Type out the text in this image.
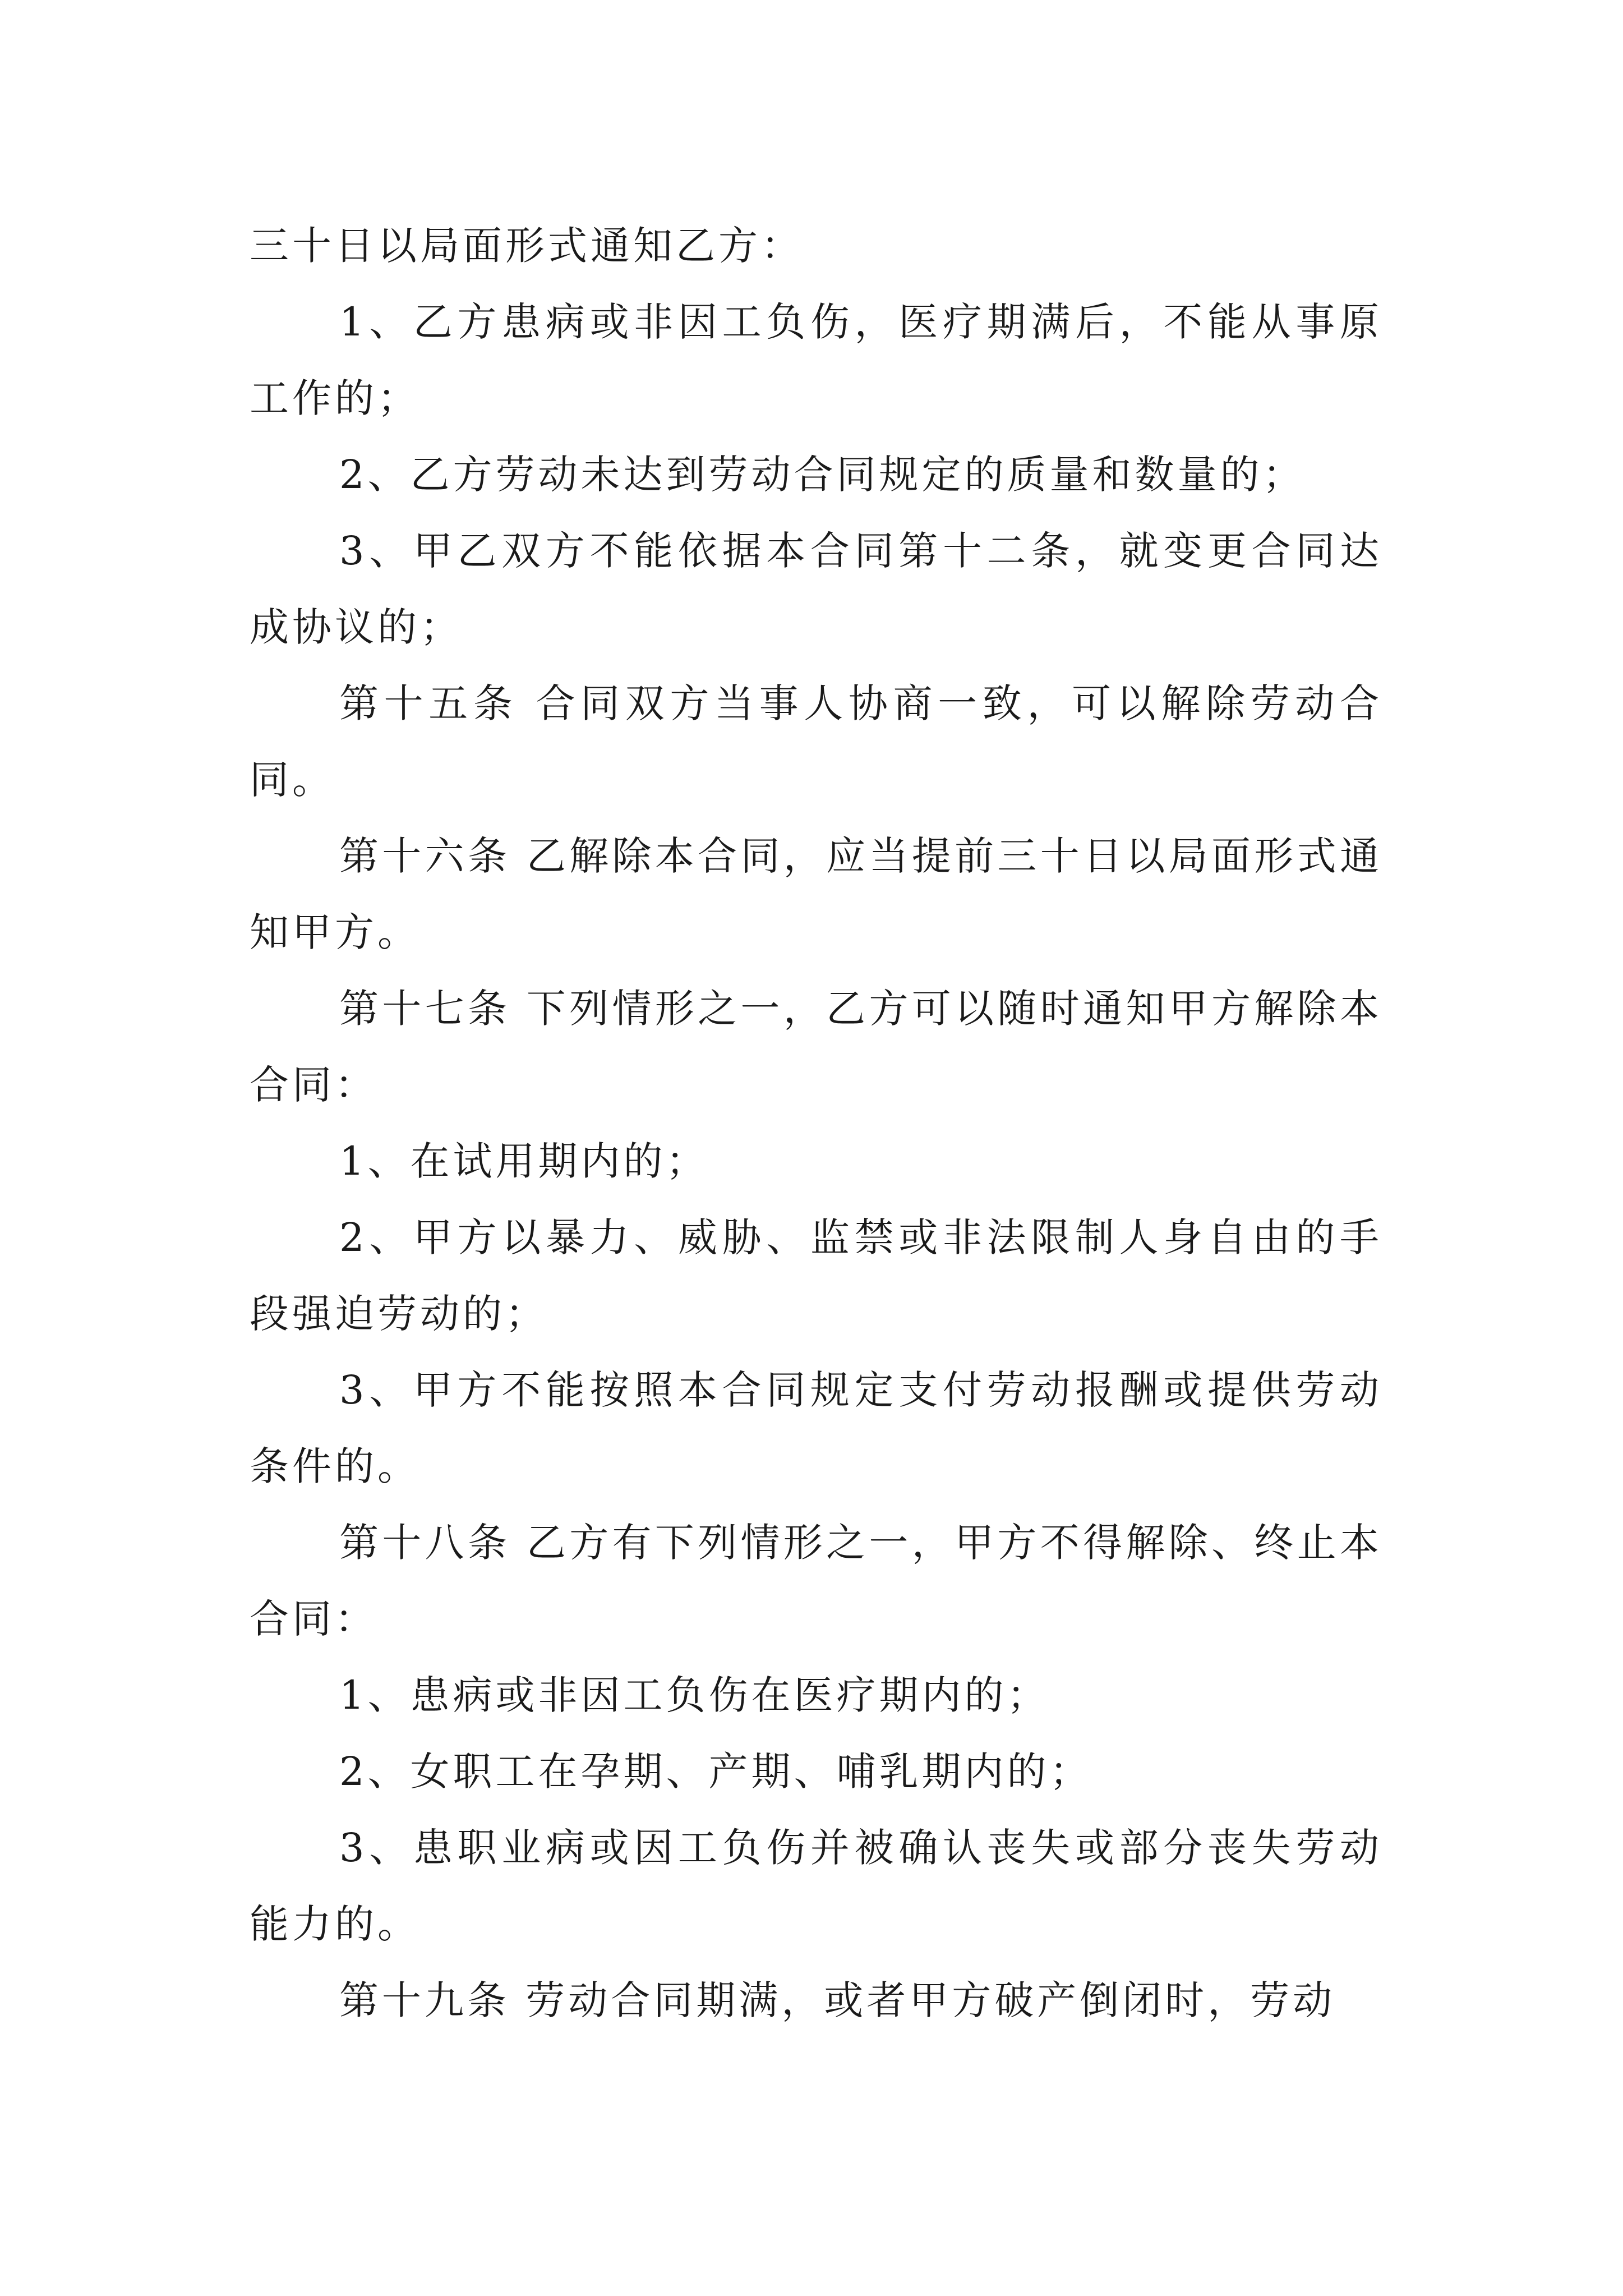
三十日以局面形式通知乙方：

1、乙方患病或非因工负伤，医疗期满后，不能从事原工作的；

2、乙方劳动未达到劳动合同规定的质量和数量的；

3、甲乙双方不能依据本合同第十二条，就变更合同达成协议的；

第十五条 合同双方当事人协商一致，可以解除劳动合同。

第十六条 乙解除本合同，应当提前三十日以局面形式通知甲方。

第十七条 下列情形之一，乙方可以随时通知甲方解除本合同：

1、在试用期内的；

2、甲方以暴力、威胁、监禁或非法限制人身自由的手段强迫劳动的；

3、甲方不能按照本合同规定支付劳动报酬或提供劳动条件的。

第十八条 乙方有下列情形之一，甲方不得解除、终止本合同：

1、患病或非因工负伤在医疗期内的；

2、女职工在孕期、产期、哺乳期内的；

3、患职业病或因工负伤并被确认丧失或部分丧失劳动能力的。

第十九条 劳动合同期满，或者甲方破产倒闭时，劳动
